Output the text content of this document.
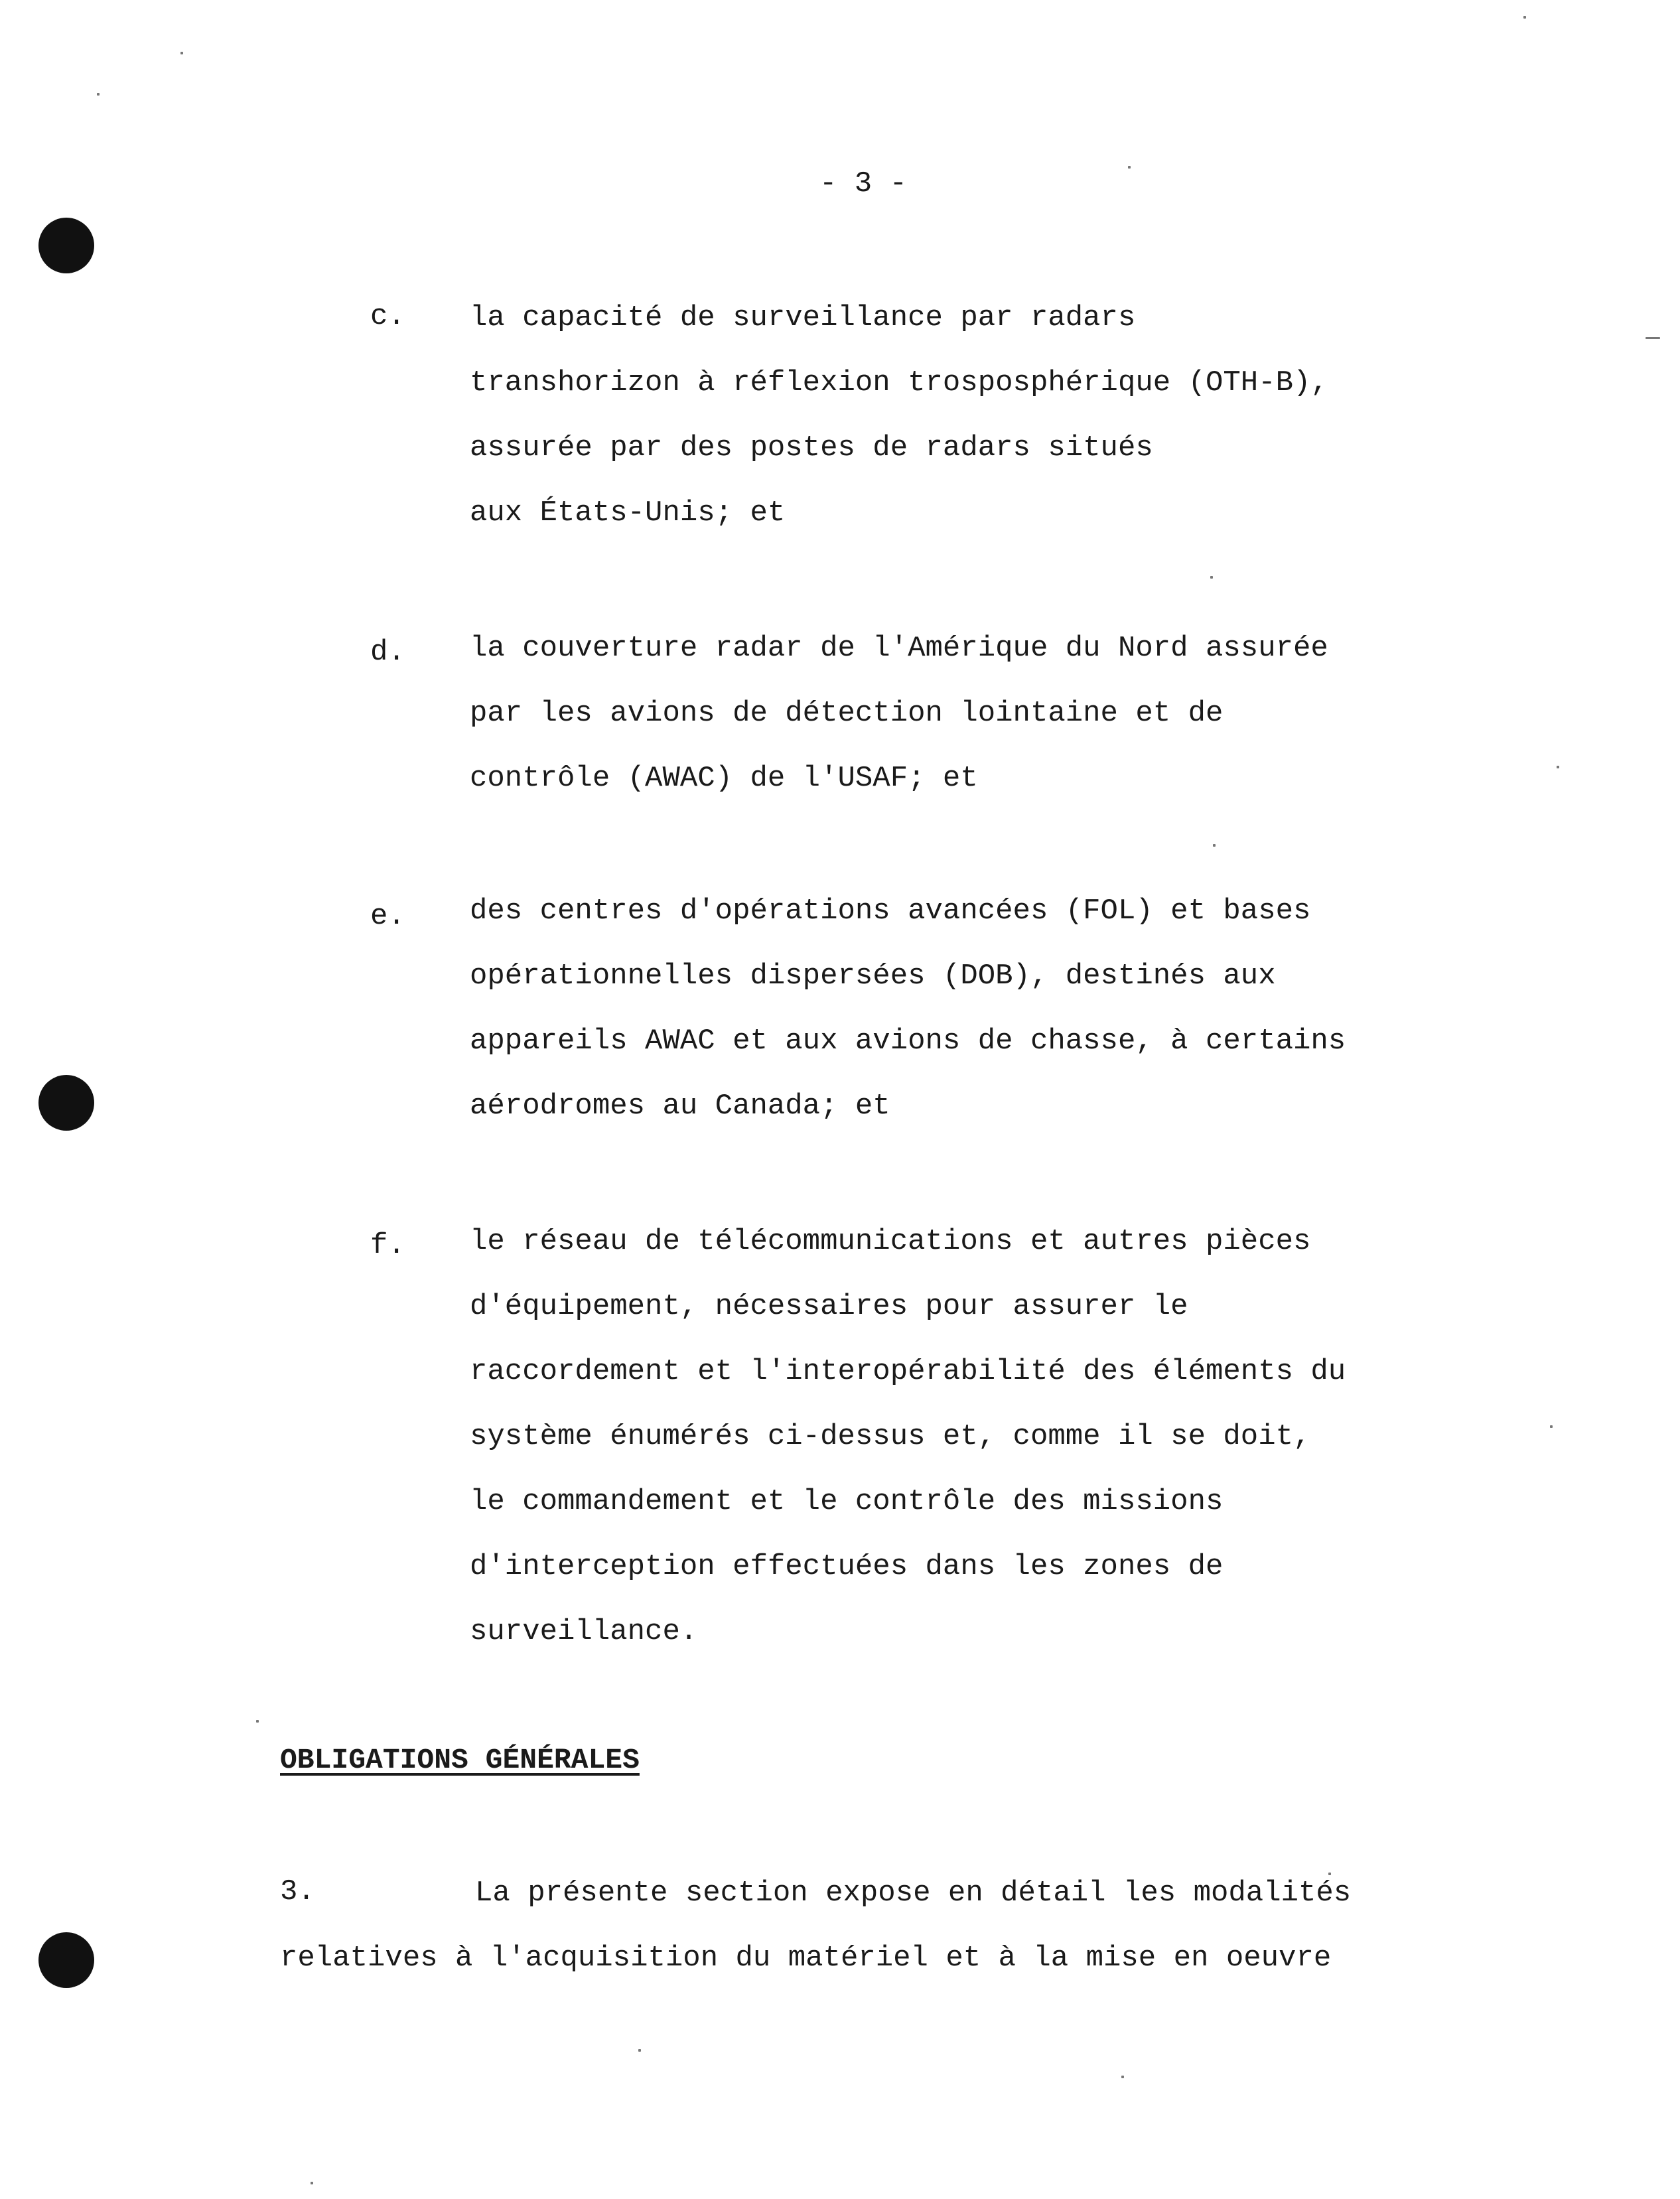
- 3 -
c. la capacité de surveillance par radars
transhorizon à réflexion trosposphérique (OTH-B),
assurée par des postes de radars situés
aux États-Unis; et
d. la couverture radar de l'Amérique du Nord assurée
par les avions de détection lointaine et de
contrôle (AWAC) de l'USAF; et
e. des centres d'opérations avancées (FOL) et bases
opérationnelles dispersées (DOB), destinés aux
appareils AWAC et aux avions de chasse, à certains
aérodromes au Canada; et
f. le réseau de télécommunications et autres pièces
d'équipement, nécessaires pour assurer le
raccordement et l'interopérabilité des éléments du
système énumérés ci-dessus et, comme il se doit,
le commandement et le contrôle des missions
d'interception effectuées dans les zones de
surveillance.
OBLIGATIONS GÉNÉRALES
3.	La présente section expose en détail les modalités
relatives à l'acquisition du matériel et à la mise en oeuvre
